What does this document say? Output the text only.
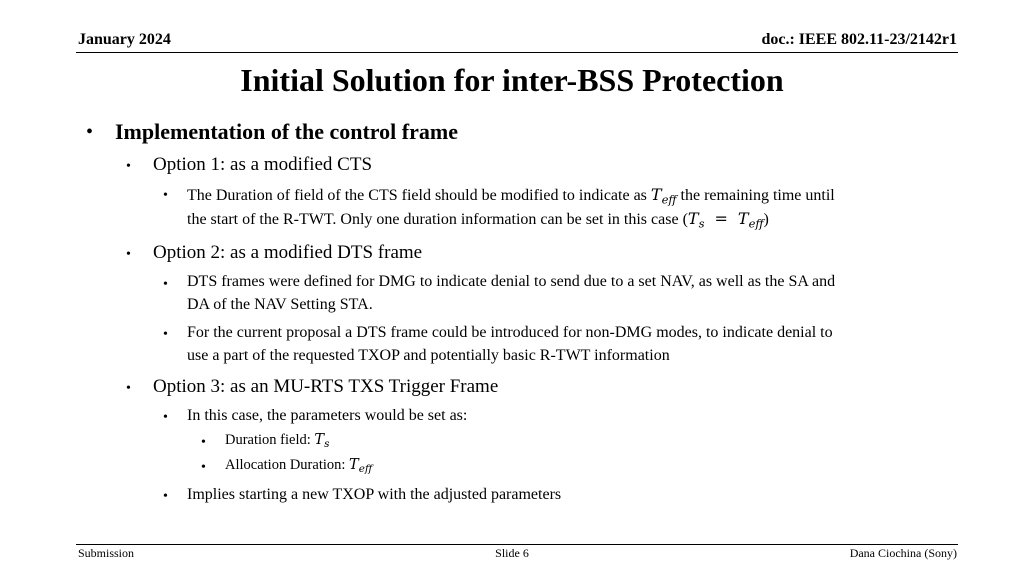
January 2024	doc.: IEEE 802.11-23/2142r1
Initial Solution for inter-BSS Protection
• Implementation of the control frame
• Option 1: as a modified CTS
• The Duration of field of the CTS field should be modified to indicate as $T_{eff}$ the remaining time until
the start of the R-TWT. Only one duration information can be set in this case $(T_s = T_{eff})$
• Option 2: as a modified DTS frame
• DTS frames were defined for DMG to indicate denial to send due to a set NAV, as well as the SA and
DA of the NAV Setting STA.
• For the current proposal a DTS frame could be introduced for non-DMG modes, to indicate denial to
use a part of the requested TXOP and potentially basic R-TWT information
• Option 3: as an MU-RTS TXS Trigger Frame
• In this case, the parameters would be set as:
• Duration field: $T_s$
• Allocation Duration: $T_{eff}$
• Implies starting a new TXOP with the adjusted parameters
Submission	Slide 6	Dana Ciochina (Sony)
